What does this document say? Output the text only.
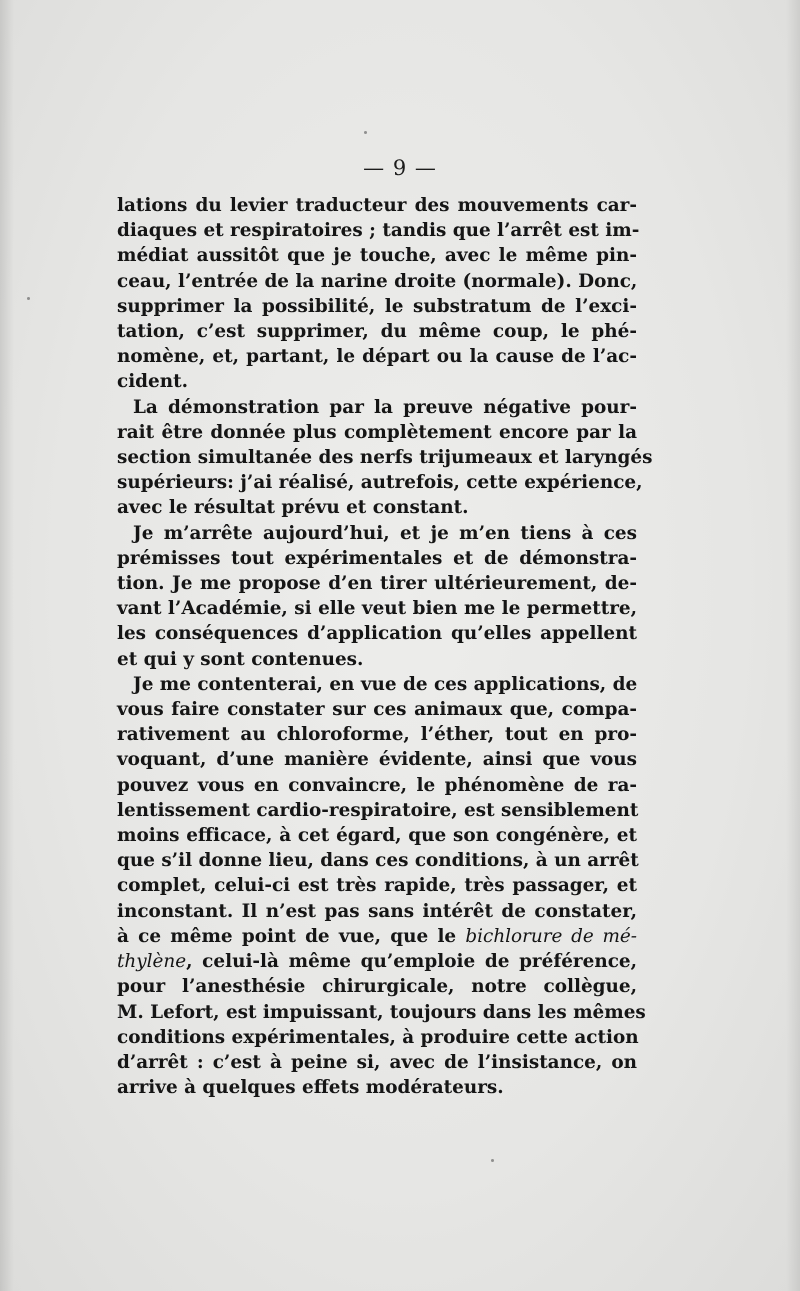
— 9 —
lations du levier traducteur des mouvements car-
diaques et respiratoires ; tandis que l’arrêt est im-
médiat aussitôt que je touche, avec le même pin-
ceau, l’entrée de la narine droite (normale). Donc,
supprimer la possibilité, le substratum de l’exci-
tation, c’est supprimer, du même coup, le phé-
nomène, et, partant, le départ ou la cause de l’ac-
cident.
La démonstration par la preuve négative pour-
rait être donnée plus complètement encore par la
section simultanée des nerfs trijumeaux et laryngés
supérieurs: j’ai réalisé, autrefois, cette expérience,
avec le résultat prévu et constant.
Je m’arrête aujourd’hui, et je m’en tiens à ces
prémisses tout expérimentales et de démonstra-
tion. Je me propose d’en tirer ultérieurement, de-
vant l’Académie, si elle veut bien me le permettre,
les conséquences d’application qu’elles appellent
et qui y sont contenues.
Je me contenterai, en vue de ces applications, de
vous faire constater sur ces animaux que, compa-
rativement au chloroforme, l’éther, tout en pro-
voquant, d’une manière évidente, ainsi que vous
pouvez vous en convaincre, le phénomène de ra-
lentissement cardio-respiratoire, est sensiblement
moins efficace, à cet égard, que son congénère, et
que s’il donne lieu, dans ces conditions, à un arrêt
complet, celui-ci est très rapide, très passager, et
inconstant. Il n’est pas sans intérêt de constater,
à ce même point de vue, que le bichlorure de mé-
thylène, celui-là même qu’emploie de préférence,
pour l’anesthésie chirurgicale, notre collègue,
M. Lefort, est impuissant, toujours dans les mêmes
conditions expérimentales, à produire cette action
d’arrêt : c’est à peine si, avec de l’insistance, on
arrive à quelques effets modérateurs.
